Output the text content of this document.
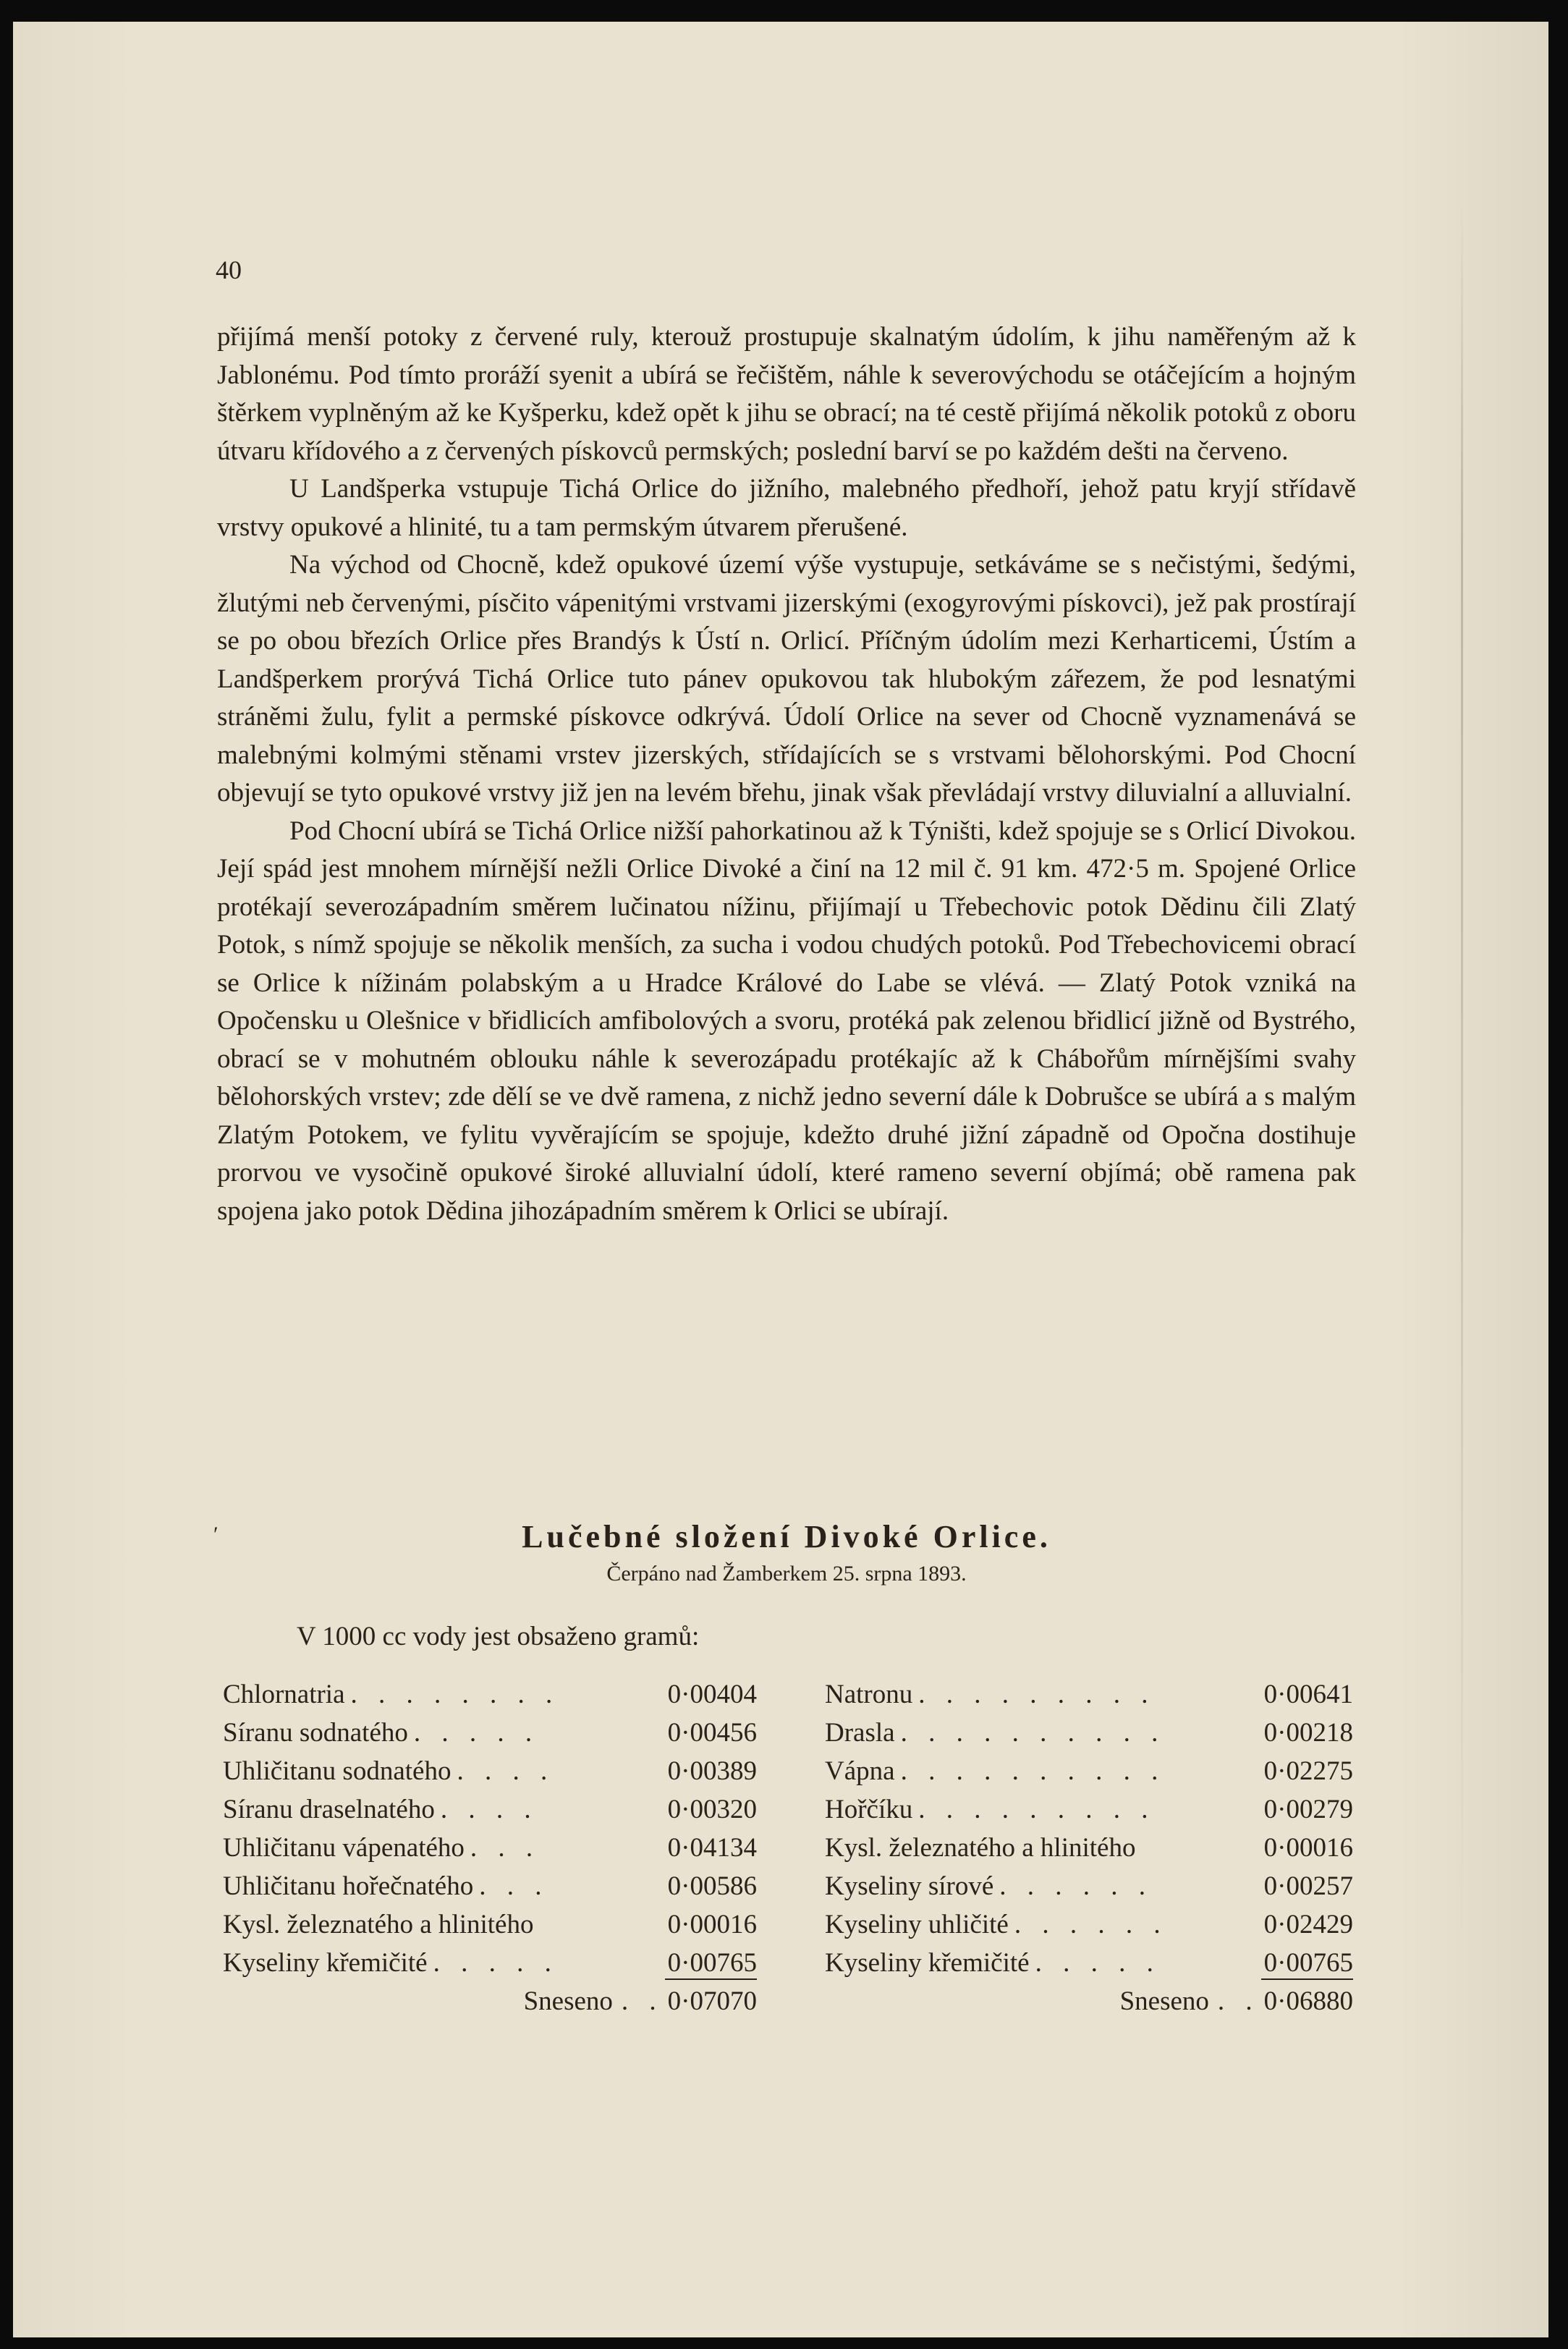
40

přijímá menší potoky z červené ruly, kterouž prostupuje skalnatým údolím, k jihu naměřeným až k Jablonému. Pod tímto proráží syenit a ubírá se řečištěm, náhle k severovýchodu se otáčejícím a hojným štěrkem vyplněným až ke Kyšperku, kdež opět k jihu se obrací; na té cestě přijímá několik potoků z oboru útvaru křídového a z červených pískovců permských; poslední barví se po každém dešti na červeno.

U Landšperka vstupuje Tichá Orlice do jižního, malebného předhoří, jehož patu kryjí střídavě vrstvy opukové a hlinité, tu a tam permským útvarem přerušené.

Na východ od Chocně, kdež opukové území výše vystupuje, setkáváme se s nečistými, šedými, žlutými neb červenými, písčito vápenitými vrstvami jizerskými (exogyrovými pískovci), jež pak prostírají se po obou březích Orlice přes Brandýs k Ústí n. Orlicí. Příčným údolím mezi Kerharticemi, Ústím a Landšperkem prorývá Tichá Orlice tuto pánev opukovou tak hlubokým zářezem, že pod lesnatými stráněmi žulu, fylit a permské pískovce odkrývá. Údolí Orlice na sever od Chocně vyznamenává se malebnými kolmými stěnami vrstev jizerských, střídajících se s vrstvami bělohorskými. Pod Chocní objevují se tyto opukové vrstvy již jen na levém břehu, jinak však převládají vrstvy diluvialní a alluvialní.

Pod Chocní ubírá se Tichá Orlice nižší pahorkatinou až k Týništi, kdež spojuje se s Orlicí Divokou. Její spád jest mnohem mírnější nežli Orlice Divoké a činí na 12 mil č. 91 km. 472·5 m. Spojené Orlice protékají severozápadním směrem lučinatou nížinu, přijímají u Třebechovic potok Dědinu čili Zlatý Potok, s nímž spojuje se několik menších, za sucha i vodou chudých potoků. Pod Třebechovicemi obrací se Orlice k nížinám polabským a u Hradce Králové do Labe se vlévá. — Zlatý Potok vzniká na Opočensku u Olešnice v břidlicích amfibolových a svoru, protéká pak zelenou břidlicí jižně od Bystrého, obrací se v mohutném oblouku náhle k severozápadu protékajíc až k Chábořům mírnějšími svahy bělohorských vrstev; zde dělí se ve dvě ramena, z nichž jedno severní dále k Dobrušce se ubírá a s malým Zlatým Potokem, ve fylitu vyvěrajícím se spojuje, kdežto druhé jižní západně od Opočna dostihuje prorvou ve vysočině opukové široké alluvialní údolí, které rameno severní objímá; obě ramena pak spojena jako potok Dědina jihozápadním směrem k Orlici se ubírají.

′	Lučebné složení Divoké Orlice.
Čerpáno nad Žamberkem 25. srpna 1893.
V 1000 cc vody jest obsaženo gramů:
Chlornatria . . . . . . . .	0·00404
Síranu sodnatého . . . . .	0·00456
Uhličitanu sodnatého . . . .	0·00389
Síranu draselnatého . . . .	0·00320
Uhličitanu vápenatého . . .	0·04134
Uhličitanu hořečnatého . . .	0·00586
Kysl. železnatého a hlinitého	0·00016
Kyseliny křemičité . . . . .	0·00765
Sneseno . . 0·07070
Natronu . . . . . . . . .	0·00641
Drasla . . . . . . . . . .	0·00218
Vápna . . . . . . . . . .	0·02275
Hořčíku . . . . . . . . .	0·00279
Kysl. železnatého a hlinitého	0·00016
Kyseliny sírové . . . . . .	0·00257
Kyseliny uhličité . . . . . .	0·02429
Kyseliny křemičité . . . . .	0·00765
Sneseno . . 0·06880
